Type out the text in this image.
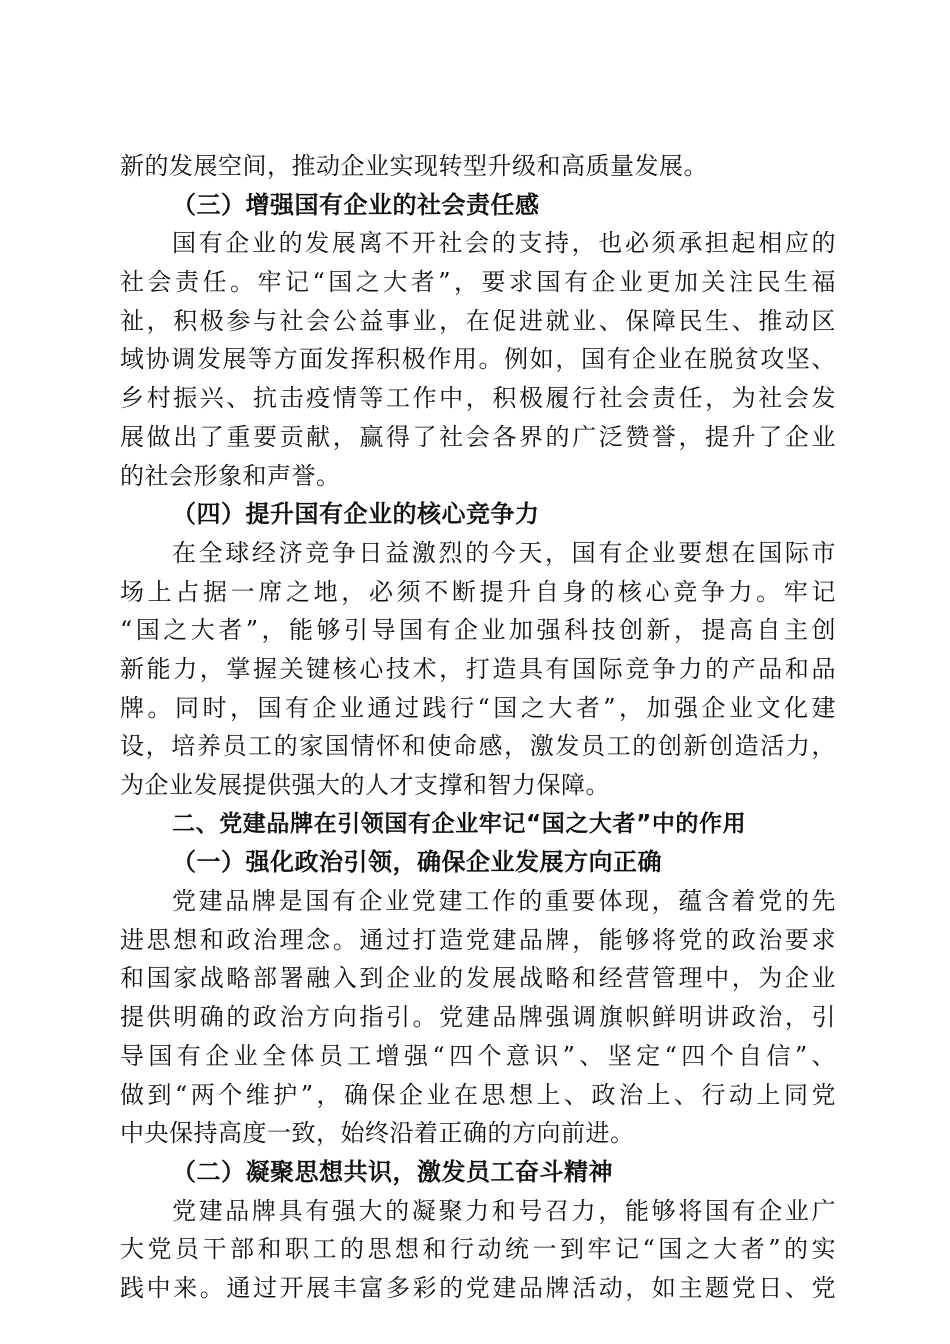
新的发展空间，推动企业实现转型升级和高质量发展。
（三）增强国有企业的社会责任感
国有企业的发展离不开社会的支持，也必须承担起相应的
社会责任。牢记“国之大者”，要求国有企业更加关注民生福
祉，积极参与社会公益事业，在促进就业、保障民生、推动区
域协调发展等方面发挥积极作用。例如，国有企业在脱贫攻坚、
乡村振兴、抗击疫情等工作中，积极履行社会责任，为社会发
展做出了重要贡献，赢得了社会各界的广泛赞誉，提升了企业
的社会形象和声誉。
（四）提升国有企业的核心竞争力
在全球经济竞争日益激烈的今天，国有企业要想在国际市
场上占据一席之地，必须不断提升自身的核心竞争力。牢记
“国之大者”，能够引导国有企业加强科技创新，提高自主创
新能力，掌握关键核心技术，打造具有国际竞争力的产品和品
牌。同时，国有企业通过践行“国之大者”，加强企业文化建
设，培养员工的家国情怀和使命感，激发员工的创新创造活力，
为企业发展提供强大的人才支撑和智力保障。
二、党建品牌在引领国有企业牢记“国之大者”中的作用
（一）强化政治引领，确保企业发展方向正确
党建品牌是国有企业党建工作的重要体现，蕴含着党的先
进思想和政治理念。通过打造党建品牌，能够将党的政治要求
和国家战略部署融入到企业的发展战略和经营管理中，为企业
提供明确的政治方向指引。党建品牌强调旗帜鲜明讲政治，引
导国有企业全体员工增强“四个意识”、坚定“四个自信”、
做到“两个维护”，确保企业在思想上、政治上、行动上同党
中央保持高度一致，始终沿着正确的方向前进。
（二）凝聚思想共识，激发员工奋斗精神
党建品牌具有强大的凝聚力和号召力，能够将国有企业广
大党员干部和职工的思想和行动统一到牢记“国之大者”的实
践中来。通过开展丰富多彩的党建品牌活动，如主题党日、党
